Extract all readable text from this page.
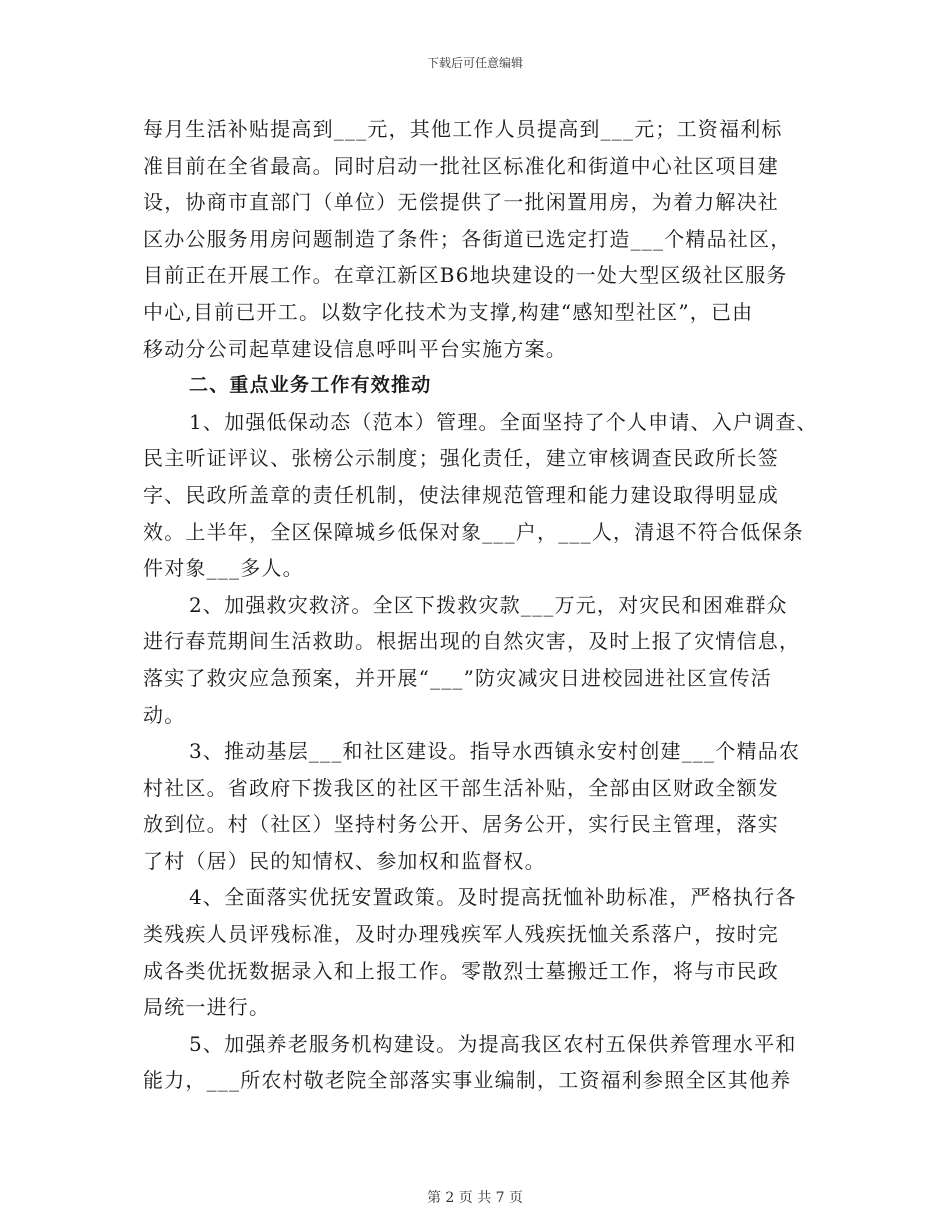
下载后可任意编辑
每月生活补贴提高到___元，其他工作人员提高到___元；工资福利标
准目前在全省最高。同时启动一批社区标准化和街道中心社区项目建
设，协商市直部门（单位）无偿提供了一批闲置用房，为着力解决社
区办公服务用房问题制造了条件；各街道已选定打造___个精品社区，
目前正在开展工作。在章江新区B6地块建设的一处大型区级社区服务
中心,目前已开工。以数字化技术为支撑,构建“感知型社区”，已由
移动分公司起草建设信息呼叫平台实施方案。
二、重点业务工作有效推动
1、加强低保动态（范本）管理。全面坚持了个人申请、入户调查、
民主听证评议、张榜公示制度；强化责任，建立审核调查民政所长签
字、民政所盖章的责任机制，使法律规范管理和能力建设取得明显成
效。上半年，全区保障城乡低保对象___户，___人，清退不符合低保条
件对象___多人。
2、加强救灾救济。全区下拨救灾款___万元，对灾民和困难群众
进行春荒期间生活救助。根据出现的自然灾害，及时上报了灾情信息，
落实了救灾应急预案，并开展“___”防灾减灾日进校园进社区宣传活
动。
3、推动基层___和社区建设。指导水西镇永安村创建___个精品农
村社区。省政府下拨我区的社区干部生活补贴，全部由区财政全额发
放到位。村（社区）坚持村务公开、居务公开，实行民主管理，落实
了村（居）民的知情权、参加权和监督权。
4、全面落实优抚安置政策。及时提高抚恤补助标准，严格执行各
类残疾人员评残标准，及时办理残疾军人残疾抚恤关系落户，按时完
成各类优抚数据录入和上报工作。零散烈士墓搬迁工作，将与市民政
局统一进行。
5、加强养老服务机构建设。为提高我区农村五保供养管理水平和
能力，___所农村敬老院全部落实事业编制，工资福利参照全区其他养
第 2 页 共 7 页
